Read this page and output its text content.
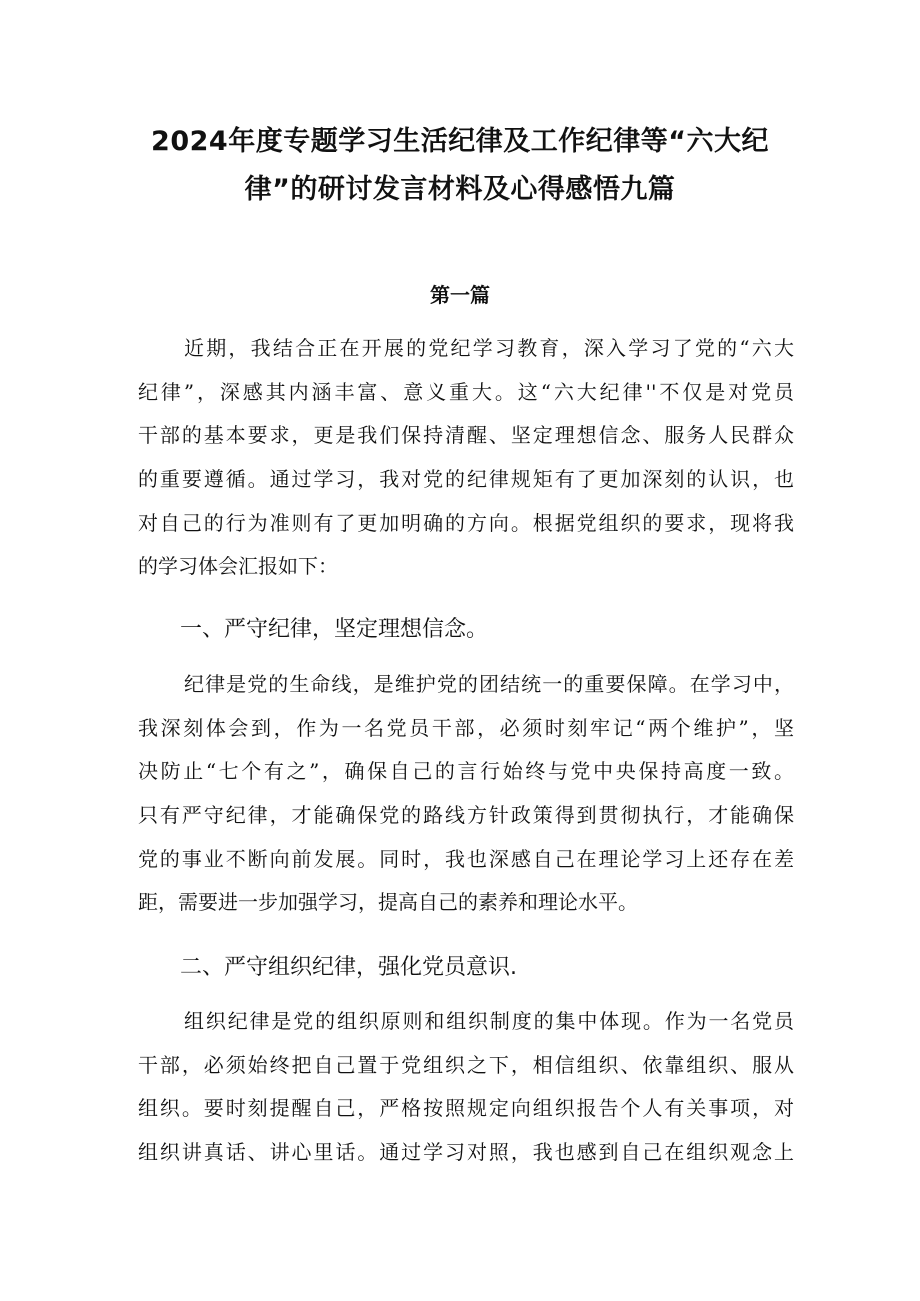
2024年度专题学习生活纪律及工作纪律等“六大纪
律”的研讨发言材料及心得感悟九篇
第一篇
近期，我结合正在开展的党纪学习教育，深入学习了党的“六大
纪律”，深感其内涵丰富、意义重大。这“六大纪律''不仅是对党员
干部的基本要求，更是我们保持清醒、坚定理想信念、服务人民群众
的重要遵循。通过学习，我对党的纪律规矩有了更加深刻的认识，也
对自己的行为准则有了更加明确的方向。根据党组织的要求，现将我
的学习体会汇报如下：
一、严守纪律，坚定理想信念。
纪律是党的生命线，是维护党的团结统一的重要保障。在学习中，
我深刻体会到，作为一名党员干部，必须时刻牢记“两个维护”，坚
决防止“七个有之”，确保自己的言行始终与党中央保持高度一致。
只有严守纪律，才能确保党的路线方针政策得到贯彻执行，才能确保
党的事业不断向前发展。同时，我也深感自己在理论学习上还存在差
距，需要进一步加强学习，提高自己的素养和理论水平。
二、严守组织纪律，强化党员意识.
组织纪律是党的组织原则和组织制度的集中体现。作为一名党员
干部，必须始终把自己置于党组织之下，相信组织、依靠组织、服从
组织。要时刻提醒自己，严格按照规定向组织报告个人有关事项，对
组织讲真话、讲心里话。通过学习对照，我也感到自己在组织观念上
